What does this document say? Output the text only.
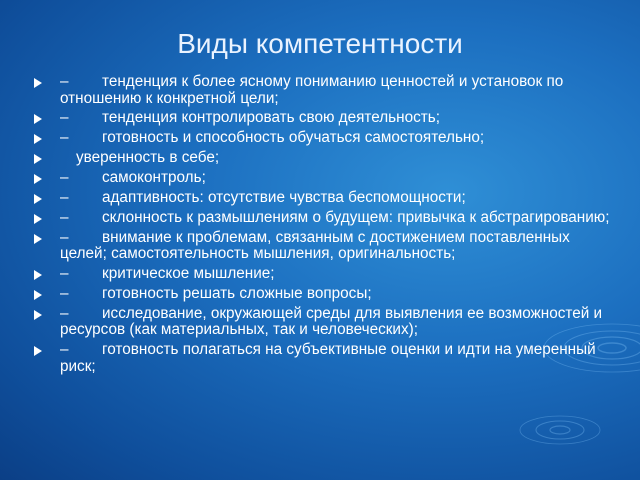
Виды компетентности
– тенденция к более ясному пониманию ценностей и установок по отношению к конкретной цели;
– тенденция контролировать свою деятельность;
– готовность и способность обучаться самостоятельно;
уверенность в себе;
– самоконтроль;
– адаптивность: отсутствие чувства беспомощности;
– склонность к размышлениям о будущем: привычка к абстрагированию;
– внимание к проблемам, связанным с достижением поставленных целей; самостоятельность мышления, оригинальность;
– критическое мышление;
– готовность решать сложные вопросы;
– исследование, окружающей среды для выявления ее возможностей и ресурсов (как материальных, так и человеческих);
– готовность полагаться на субъективные оценки и идти на умеренный риск;
